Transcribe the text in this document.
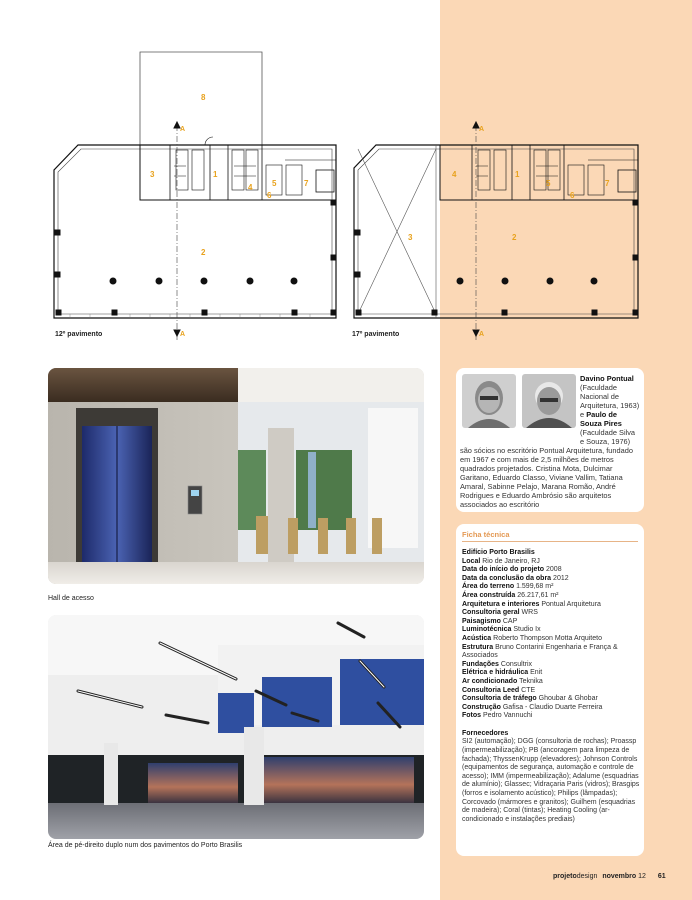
8
3	1
2
4 5
6
7
4	1
3	2
5
6
7
A
A
A
A
12º pavimento	17º pavimento
Hall de acesso
Área de pé-direito duplo num dos pavimentos do Porto Brasilis
Davino Pontual (Faculdade Nacional de Arquitetura, 1963) e Paulo de Souza Pires (Faculdade Silva e Souza, 1976) são sócios no escritório Pontual Arquitetura, fundado em 1967 e com mais de 2,5 milhões de metros quadrados projetados. Cristina Mota, Dulcimar Garitano, Eduardo Classo, Viviane Vallim, Tatiana Amaral, Sabinne Pelajo, Marana Romão, André Rodrigues e Eduardo Ambrósio são arquitetos associados ao escritório
Ficha técnica
Edifício Porto Brasilis
Local Rio de Janeiro, RJ
Data do início do projeto 2008
Data da conclusão da obra 2012
Área do terreno 1.599,68 m²
Área construída 26.217,61 m²
Arquitetura e interiores Pontual Arquitetura
Consultoria geral WRS
Paisagismo CAP
Luminotécnica Studio Ix
Acústica Roberto Thompson Motta Arquiteto
Estrutura Bruno Contarini Engenharia e França & Associados
Fundações Consultrix
Elétrica e hidráulica Enit
Ar condicionado Teknika
Consultoria Leed CTE
Consultoria de tráfego Ghoubar & Ghobar
Construção Gafisa - Claudio Duarte Ferreira
Fotos Pedro Vannuchi
Fornecedores
SI2 (automação); DGG (consultoria de rochas); Proassp (impermeabilização); PB (ancoragem para limpeza de fachada); ThyssenKrupp (elevadores); Johnson Controls (equipamentos de segurança, automação e controle de acesso); IMM (impermeabilização); Adalume (esquadrias de alumínio); Glassec; Vidraçaria Paris (vidros); Brasgips (forros e isolamento acústico); Philips (lâmpadas); Corcovado (mármores e granitos); Guilhem (esquadrias de madeira); Coral (tintas); Heating Cooling (ar-condicionado e instalações prediais)
projetodesign novembro 12 61
